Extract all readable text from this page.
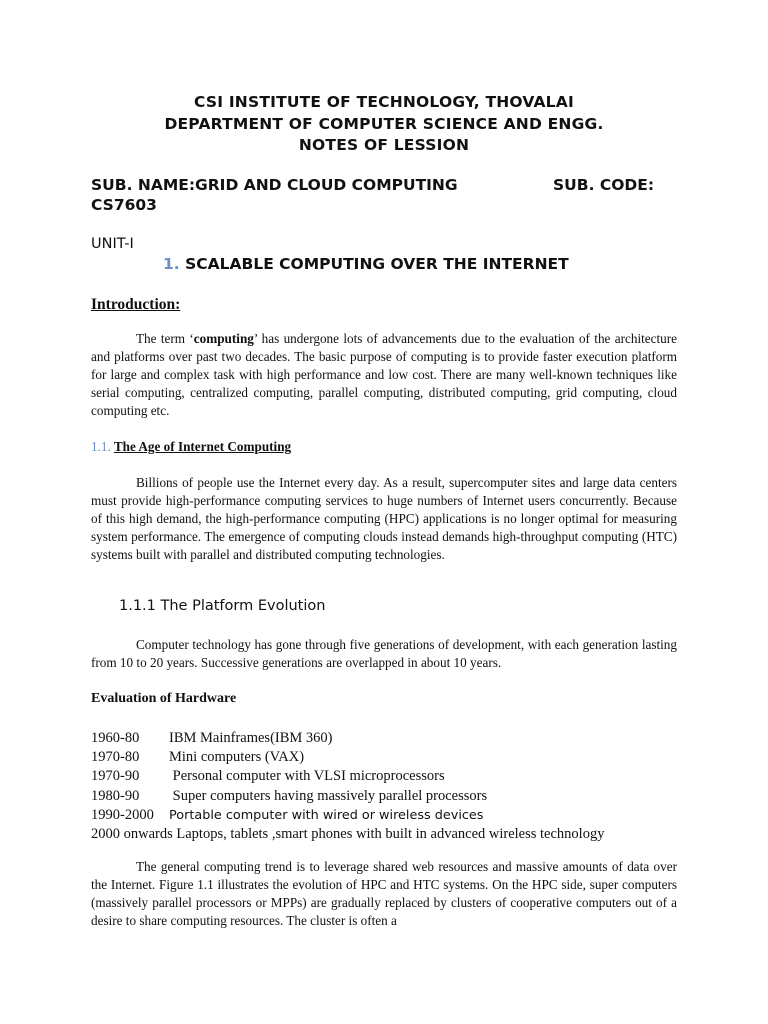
CSI INSTITUTE OF TECHNOLOGY, THOVALAI
DEPARTMENT OF COMPUTER SCIENCE AND ENGG.
NOTES OF LESSION
SUB. NAME:GRID AND CLOUD COMPUTING	SUB. CODE:
CS7603
UNIT-I
1. SCALABLE COMPUTING OVER THE INTERNET
Introduction:
The term ‘computing’ has undergone lots of advancements due to the evaluation of the architecture and platforms over past two decades. The basic purpose of computing is to provide faster execution platform for large and complex task with high performance and low cost. There are many well-known techniques like serial computing, centralized computing, parallel computing, distributed computing, grid computing, cloud computing etc.
1.1. The Age of Internet Computing
Billions of people use the Internet every day. As a result, supercomputer sites and large data centers must provide high-performance computing services to huge numbers of Internet users concurrently. Because of this high demand, the high-performance computing (HPC) applications is no longer optimal for measuring system performance. The emergence of computing clouds instead demands high-throughput computing (HTC) systems built with parallel and distributed computing technologies.
1.1.1 The Platform Evolution
Computer technology has gone through five generations of development, with each generation lasting from 10 to 20 years. Successive generations are overlapped in about 10 years.
Evaluation of Hardware
1960-80 IBM Mainframes(IBM 360)
1970-80 Mini computers (VAX)
1970-90 Personal computer with VLSI microprocessors
1980-90 Super computers having massively parallel processors
1990-2000 Portable computer with wired or wireless devices
2000 onwards Laptops, tablets ,smart phones with built in advanced wireless technology
The general computing trend is to leverage shared web resources and massive amounts of data over the Internet. Figure 1.1 illustrates the evolution of HPC and HTC systems. On the HPC side, super computers (massively parallel processors or MPPs) are gradually replaced by clusters of cooperative computers out of a desire to share computing resources. The cluster is often a
